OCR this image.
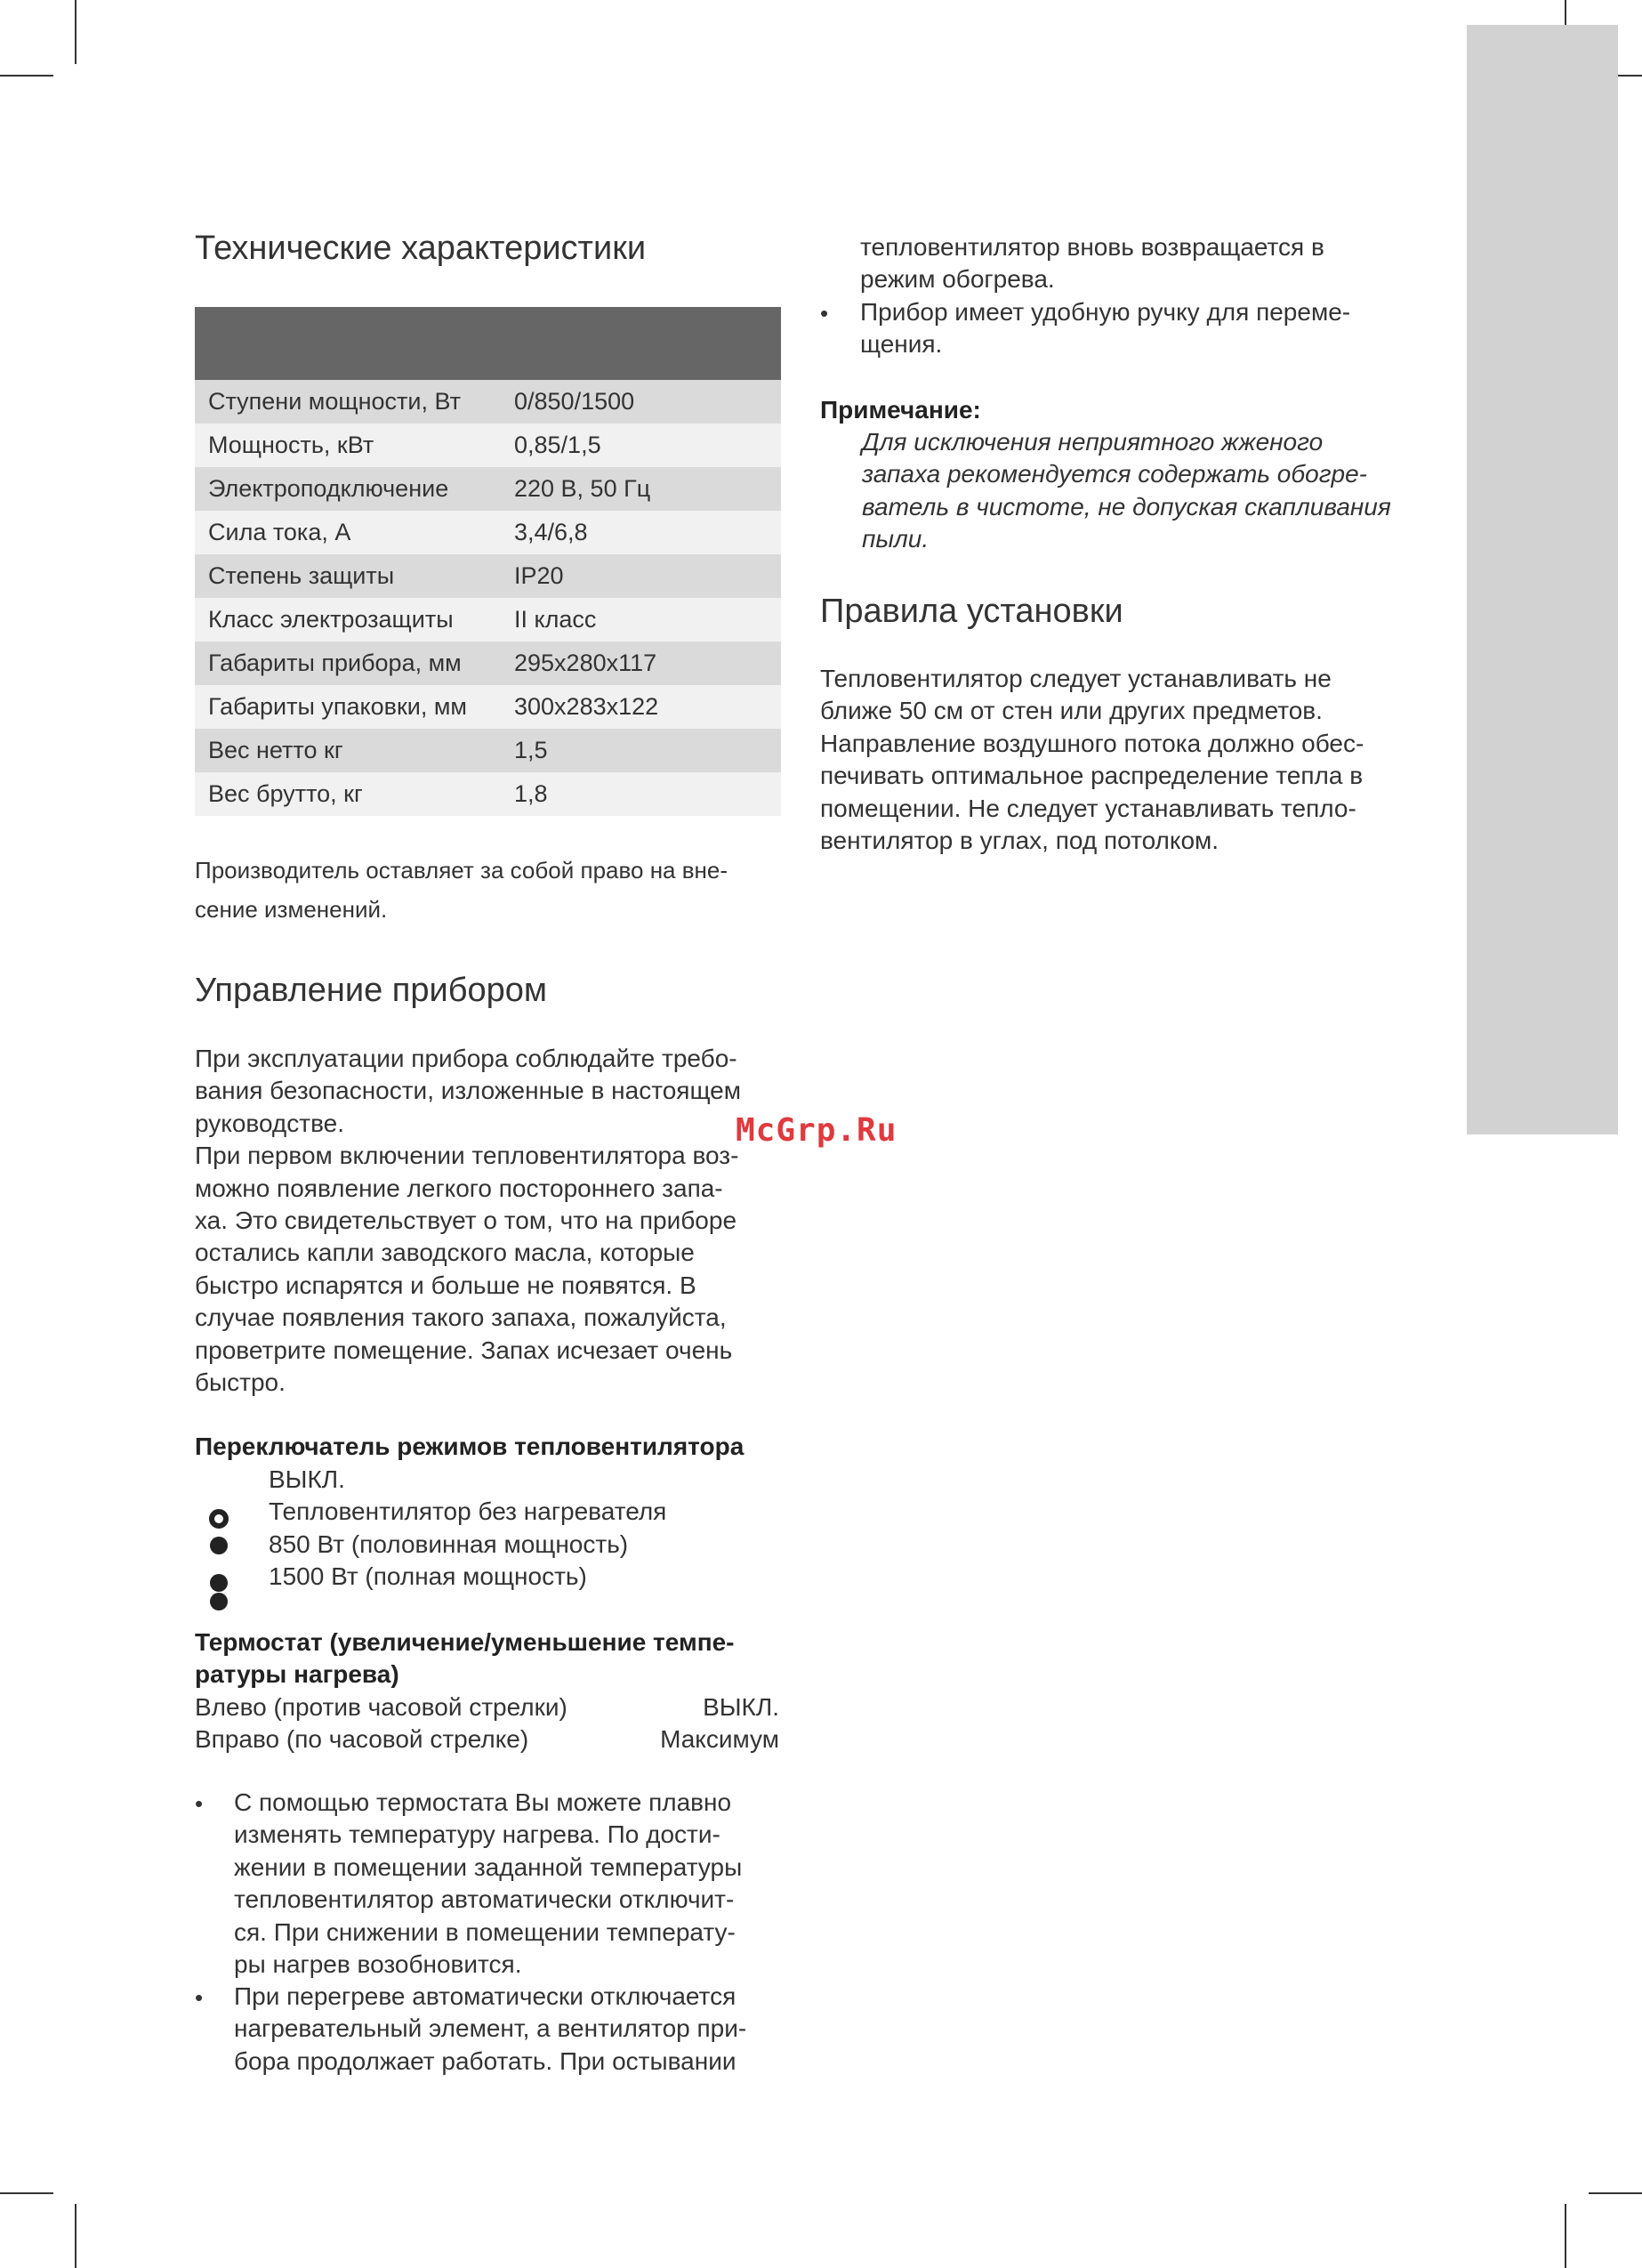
Технические характеристики
Ступени мощности, Вт	0/850/1500
Мощность, кВт	0,85/1,5
Электроподключение	220 В, 50 Гц
Сила тока, А	3,4/6,8
Степень защиты	IP20
Класс электрозащиты	II класс
Габариты прибора, мм	295x280x117
Габариты упаковки, мм	300x283x122
Вес нетто кг	1,5
Вес брутто, кг	1,8
Производитель оставляет за собой право на вне-
сение изменений.
Управление прибором
При эксплуатации прибора соблюдайте требо-
вания безопасности, изложенные в настоящем
руководстве.
При первом включении тепловентилятора воз-
можно появление легкого постороннего запа-
ха. Это свидетельствует о том, что на приборе
остались капли заводского масла, которые
быстро испарятся и больше не появятся. В
случае появления такого запаха, пожалуйста,
проветрите помещение. Запах исчезает очень
быстро.
Переключатель режимов тепловентилятора
ВЫКЛ.
Тепловентилятор без нагревателя
850 Вт (половинная мощность)
1500 Вт (полная мощность)
Термостат (увеличение/уменьшение темпе-
ратуры нагрева)
Влево (против часовой стрелки)	ВЫКЛ.
Вправо (по часовой стрелке)	Максимум
• С помощью термостата Вы можете плавно
изменять температуру нагрева. По дости-
жении в помещении заданной температуры
тепловентилятор автоматически отключит-
ся. При снижении в помещении температу-
ры нагрев возобновится.
• При перегреве автоматически отключается
нагревательный элемент, а вентилятор при-
бора продолжает работать. При остывании
тепловентилятор вновь возвращается в
режим обогрева.
• Прибор имеет удобную ручку для переме-
щения.
Примечание:
Для исключения неприятного жженого
запаха рекомендуется содержать обогре-
ватель в чистоте, не допуская скапливания
пыли.
Правила установки
Тепловентилятор следует устанавливать не
ближе 50 см от стен или других предметов.
Направление воздушного потока должно обес-
печивать оптимальное распределение тепла в
помещении. Не следует устанавливать тепло-
вентилятор в углах, под потолком.
McGrp.Ru
